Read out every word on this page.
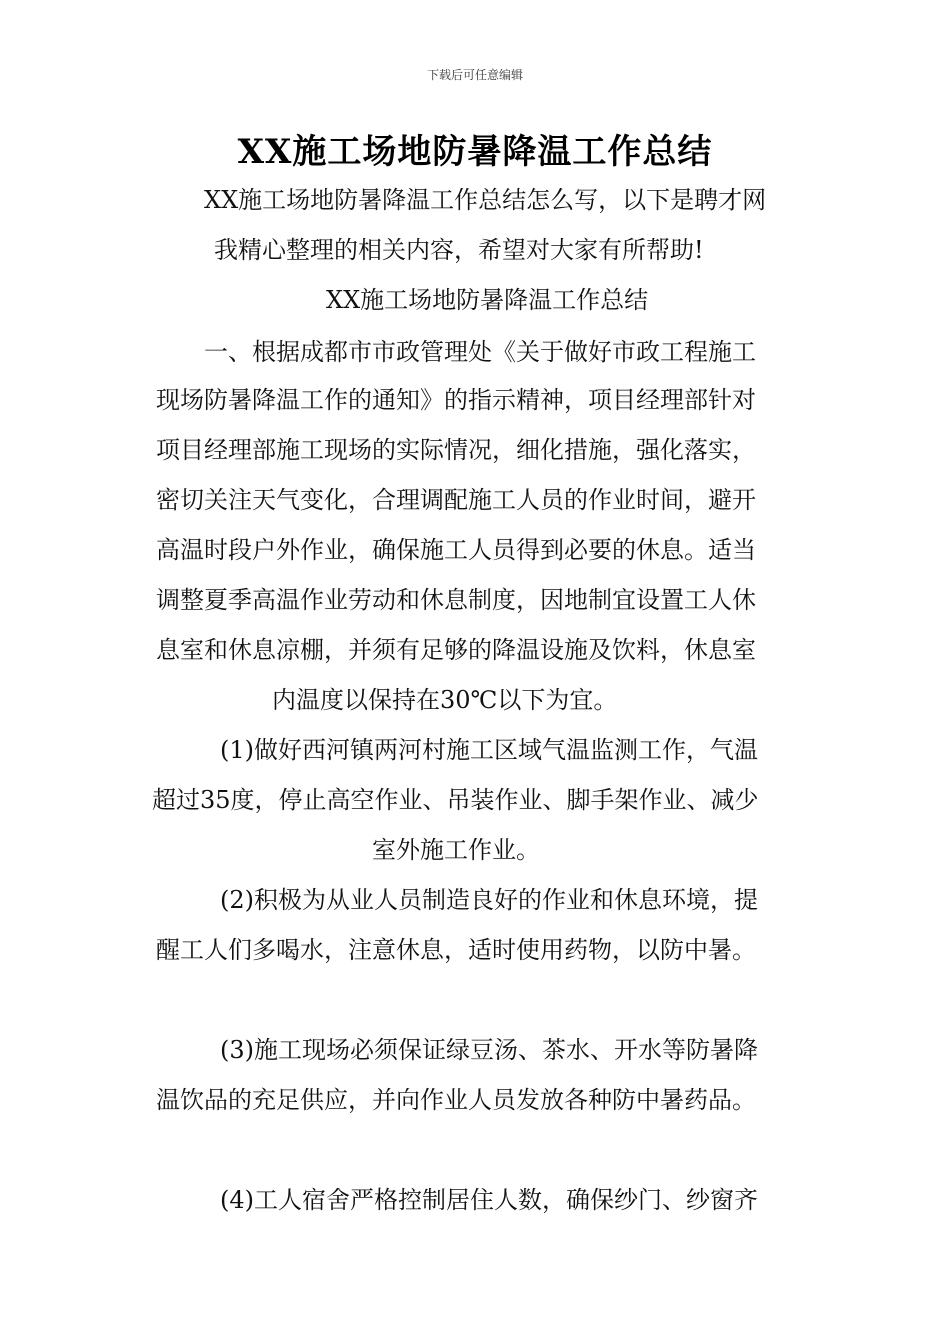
下载后可任意编辑
XX施工场地防暑降温工作总结
XX施工场地防暑降温工作总结怎么写，以下是聘才网
我精心整理的相关内容，希望对大家有所帮助!
XX施工场地防暑降温工作总结
一、根据成都市市政管理处《关于做好市政工程施工
现场防暑降温工作的通知》的指示精神，项目经理部针对
项目经理部施工现场的实际情况，细化措施，强化落实，
密切关注天气变化，合理调配施工人员的作业时间，避开
高温时段户外作业，确保施工人员得到必要的休息。适当
调整夏季高温作业劳动和休息制度，因地制宜设置工人休
息室和休息凉棚，并须有足够的降温设施及饮料，休息室
内温度以保持在30℃以下为宜。
(1)做好西河镇两河村施工区域气温监测工作，气温
超过35度，停止高空作业、吊装作业、脚手架作业、减少
室外施工作业。
(2)积极为从业人员制造良好的作业和休息环境，提
醒工人们多喝水，注意休息，适时使用药物，以防中暑。
(3)施工现场必须保证绿豆汤、茶水、开水等防暑降
温饮品的充足供应，并向作业人员发放各种防中暑药品。
(4)工人宿舍严格控制居住人数，确保纱门、纱窗齐
